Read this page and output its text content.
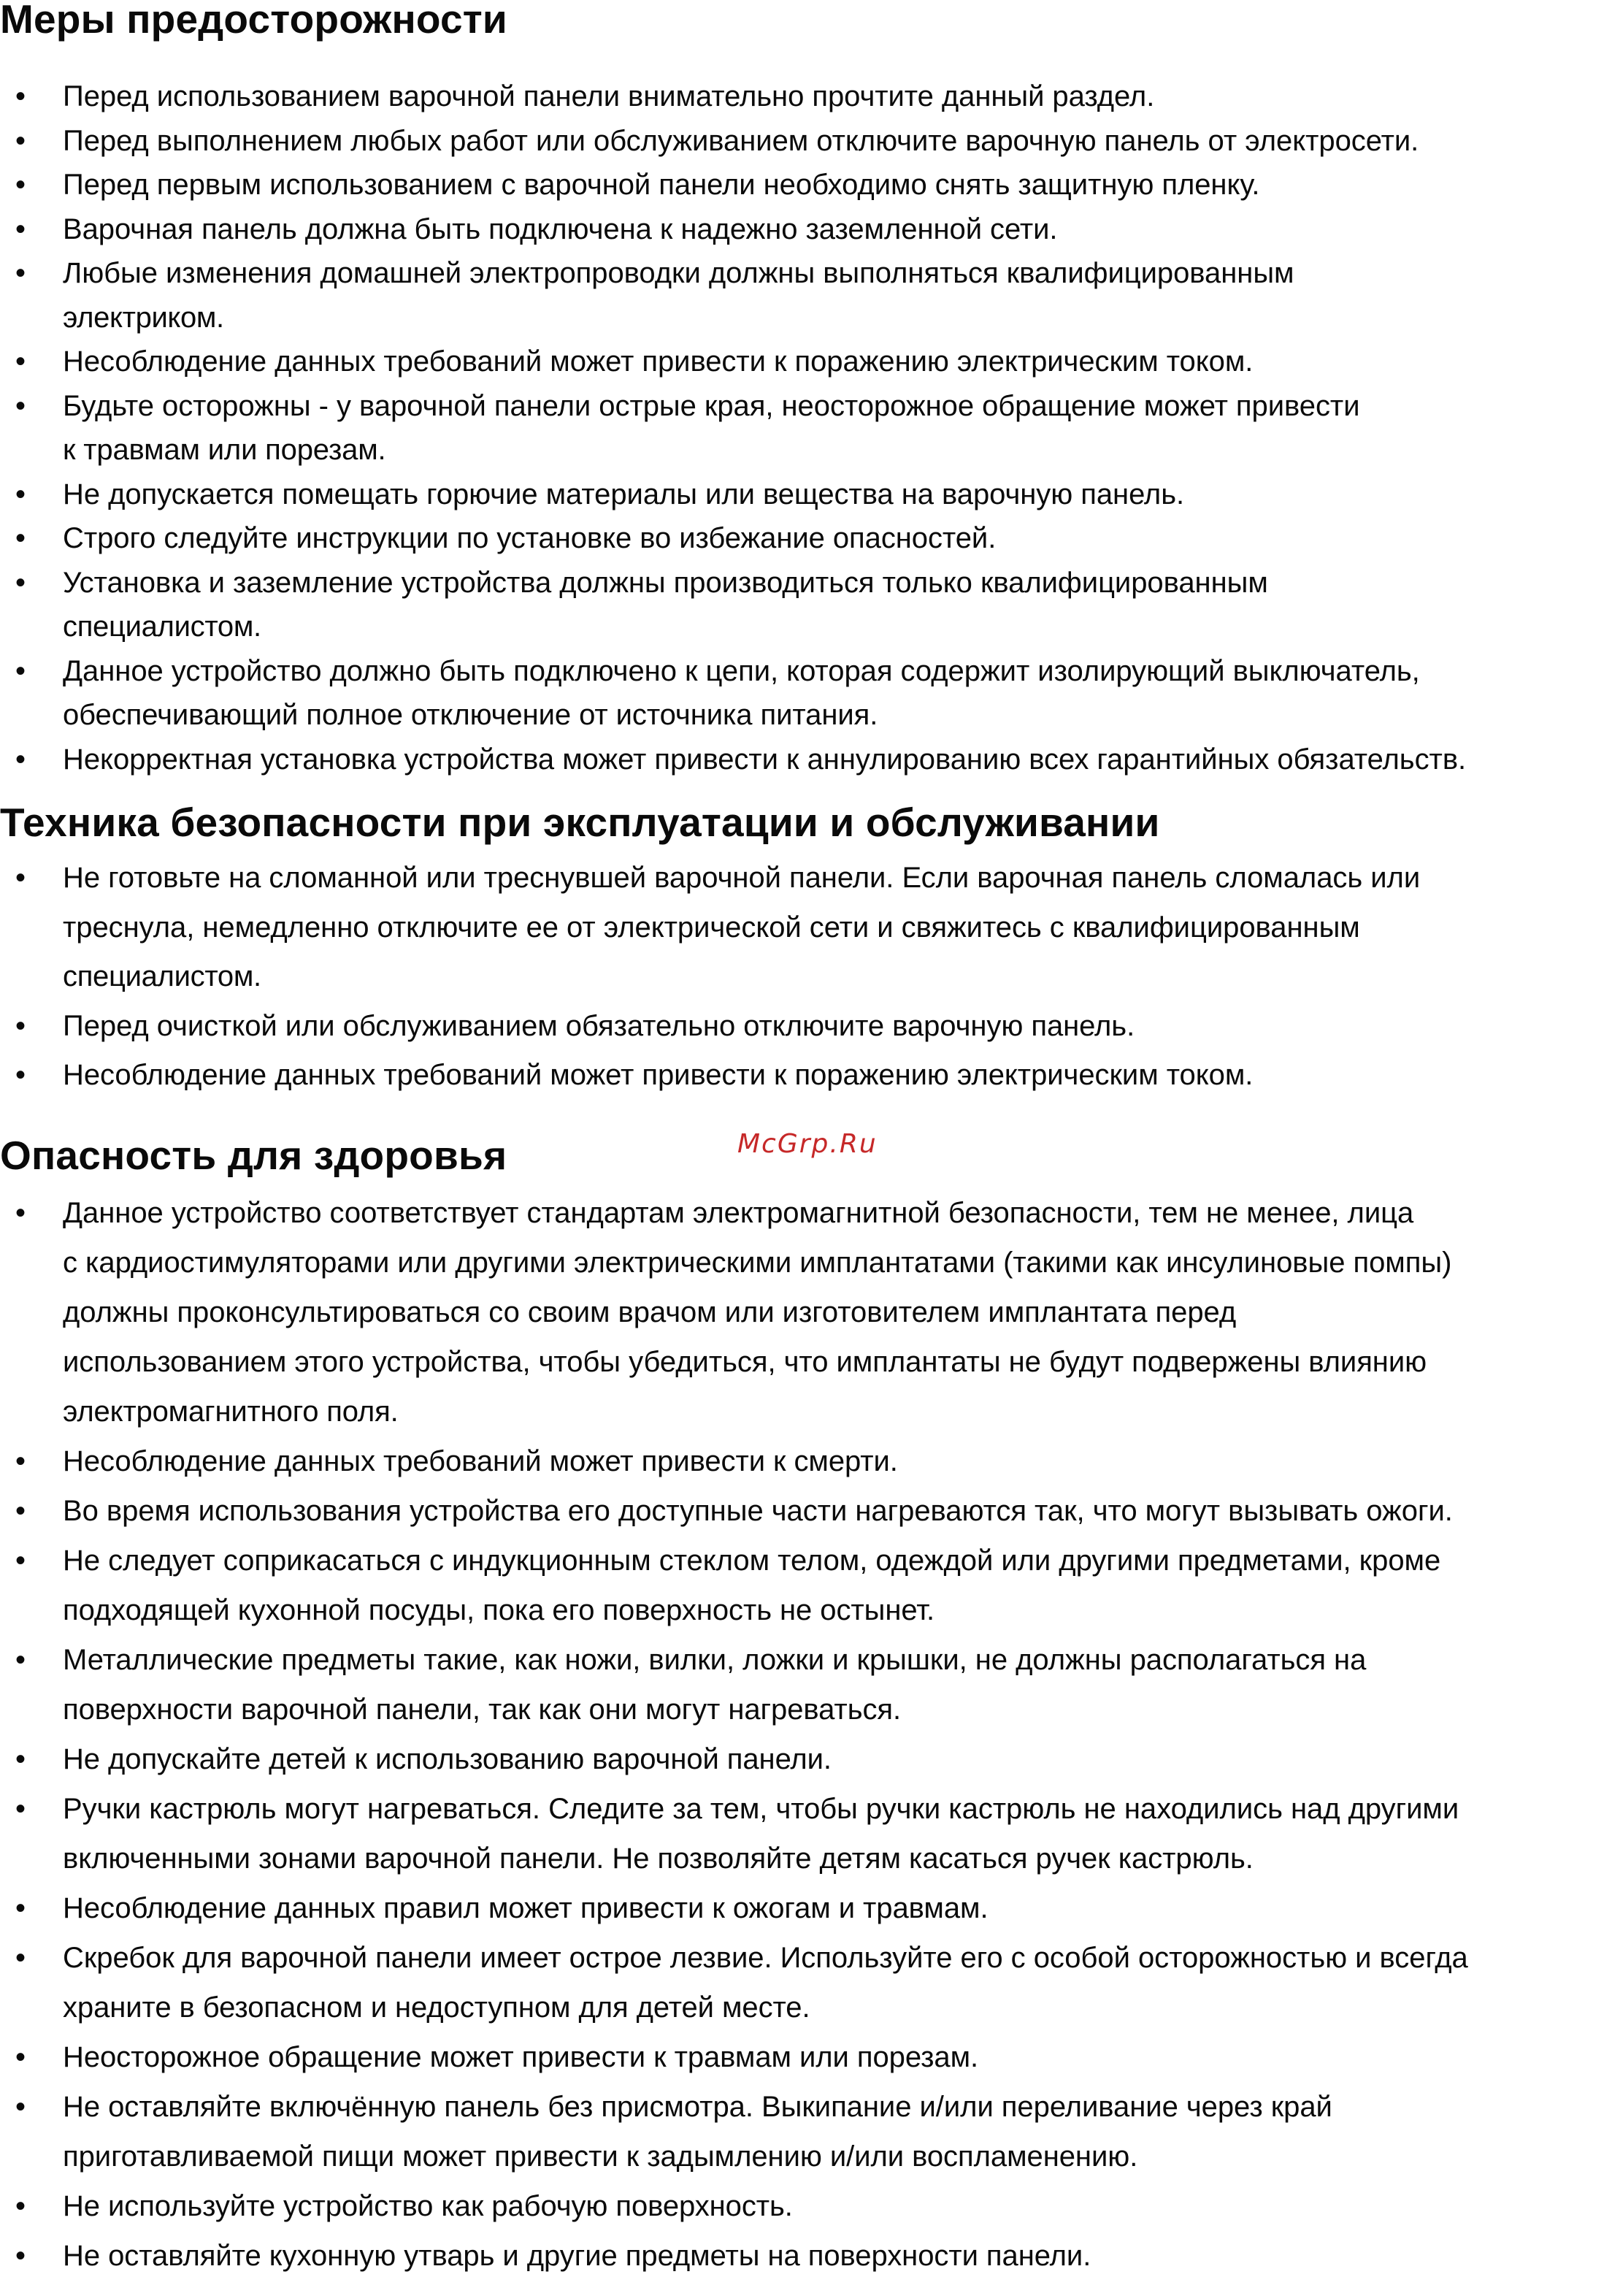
Меры предосторожности
•	Перед использованием варочной панели внимательно прочтите данный раздел.
•	Перед выполнением любых работ или обслуживанием отключите варочную панель от электросети.
•	Перед первым использованием с варочной панели необходимо снять защитную пленку.
•	Варочная панель должна быть подключена к надежно заземленной сети.
•	Любые изменения домашней электропроводки должны выполняться квалифицированным
электриком.
•	Несоблюдение данных требований может привести к поражению электрическим током.
•	Будьте осторожны - у варочной панели острые края, неосторожное обращение может привести
к травмам или порезам.
•	Не допускается помещать горючие материалы или вещества на варочную панель.
•	Строго следуйте инструкции по установке во избежание опасностей.
•	Установка и заземление устройства должны производиться только квалифицированным
специалистом.
•	Данное устройство должно быть подключено к цепи, которая содержит изолирующий выключатель,
обеспечивающий полное отключение от источника питания.
•	Некорректная установка устройства может привести к аннулированию всех гарантийных обязательств.
Техника безопасности при эксплуатации и обслуживании
•	Не готовьте на сломанной или треснувшей варочной панели. Если варочная панель сломалась или
треснула, немедленно отключите ее от электрической сети и свяжитесь с квалифицированным
специалистом.
•	Перед очисткой или обслуживанием обязательно отключите варочную панель.
•	Несоблюдение данных требований может привести к поражению электрическим током.
Опасность для здоровья
•	Данное устройство соответствует стандартам электромагнитной безопасности, тем не менее, лица
с кардиостимуляторами или другими электрическими имплантатами (такими как инсулиновые помпы)
должны проконсультироваться со своим врачом или изготовителем имплантата перед
использованием этого устройства, чтобы убедиться, что имплантаты не будут подвержены влиянию
электромагнитного поля.
•	Несоблюдение данных требований может привести к смерти.
•	Во время использования устройства его доступные части нагреваются так, что могут вызывать ожоги.
•	Не следует соприкасаться с индукционным стеклом телом, одеждой или другими предметами, кроме
подходящей кухонной посуды, пока его поверхность не остынет.
•	Металлические предметы такие, как ножи, вилки, ложки и крышки, не должны располагаться на
поверхности варочной панели, так как они могут нагреваться.
•	Не допускайте детей к использованию варочной панели.
•	Ручки кастрюль могут нагреваться. Следите за тем, чтобы ручки кастрюль не находились над другими
включенными зонами варочной панели. Не позволяйте детям касаться ручек кастрюль.
•	Несоблюдение данных правил может привести к ожогам и травмам.
•	Скребок для варочной панели имеет острое лезвие. Используйте его с особой осторожностью и всегда
храните в безопасном и недоступном для детей месте.
•	Неосторожное обращение может привести к травмам или порезам.
•	Не оставляйте включённую панель без присмотра. Выкипание и/или переливание через край
приготавливаемой пищи может привести к задымлению и/или воспламенению.
•	Не используйте устройство как рабочую поверхность.
•	Не оставляйте кухонную утварь и другие предметы на поверхности панели.
McGrp.Ru
